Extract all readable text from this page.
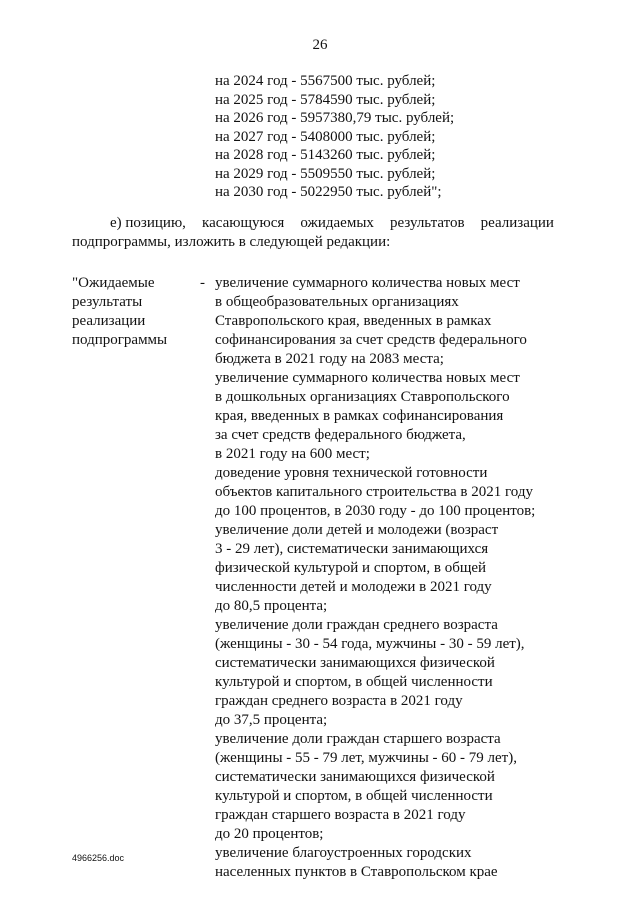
26
на 2024 год - 5567500 тыс. рублей;
на 2025 год - 5784590 тыс. рублей;
на 2026 год - 5957380,79 тыс. рублей;
на 2027 год - 5408000 тыс. рублей;
на 2028 год - 5143260 тыс. рублей;
на 2029 год - 5509550 тыс. рублей;
на 2030 год - 5022950 тыс. рублей";
е) позицию, касающуюся ожидаемых результатов реализации
подпрограммы, изложить в следующей редакции:
"Ожидаемые
результаты
реализации
подпрограммы
- увеличение суммарного количества новых мест
в общеобразовательных организациях
Ставропольского края, введенных в рамках
софинансирования за счет средств федерального
бюджета в 2021 году на 2083 места;
увеличение суммарного количества новых мест
в дошкольных организациях Ставропольского
края, введенных в рамках софинансирования
за счет средств федерального бюджета,
в 2021 году на 600 мест;
доведение уровня технической готовности
объектов капитального строительства в 2021 году
до 100 процентов, в 2030 году - до 100 процентов;
увеличение доли детей и молодежи (возраст
3 - 29 лет), систематически занимающихся
физической культурой и спортом, в общей
численности детей и молодежи в 2021 году
до 80,5 процента;
увеличение доли граждан среднего возраста
(женщины - 30 - 54 года, мужчины - 30 - 59 лет),
систематически занимающихся физической
культурой и спортом, в общей численности
граждан среднего возраста в 2021 году
до 37,5 процента;
увеличение доли граждан старшего возраста
(женщины - 55 - 79 лет, мужчины - 60 - 79 лет),
систематически занимающихся физической
культурой и спортом, в общей численности
граждан старшего возраста в 2021 году
до 20 процентов;
увеличение благоустроенных городских
населенных пунктов в Ставропольском крае
4966256.doc
